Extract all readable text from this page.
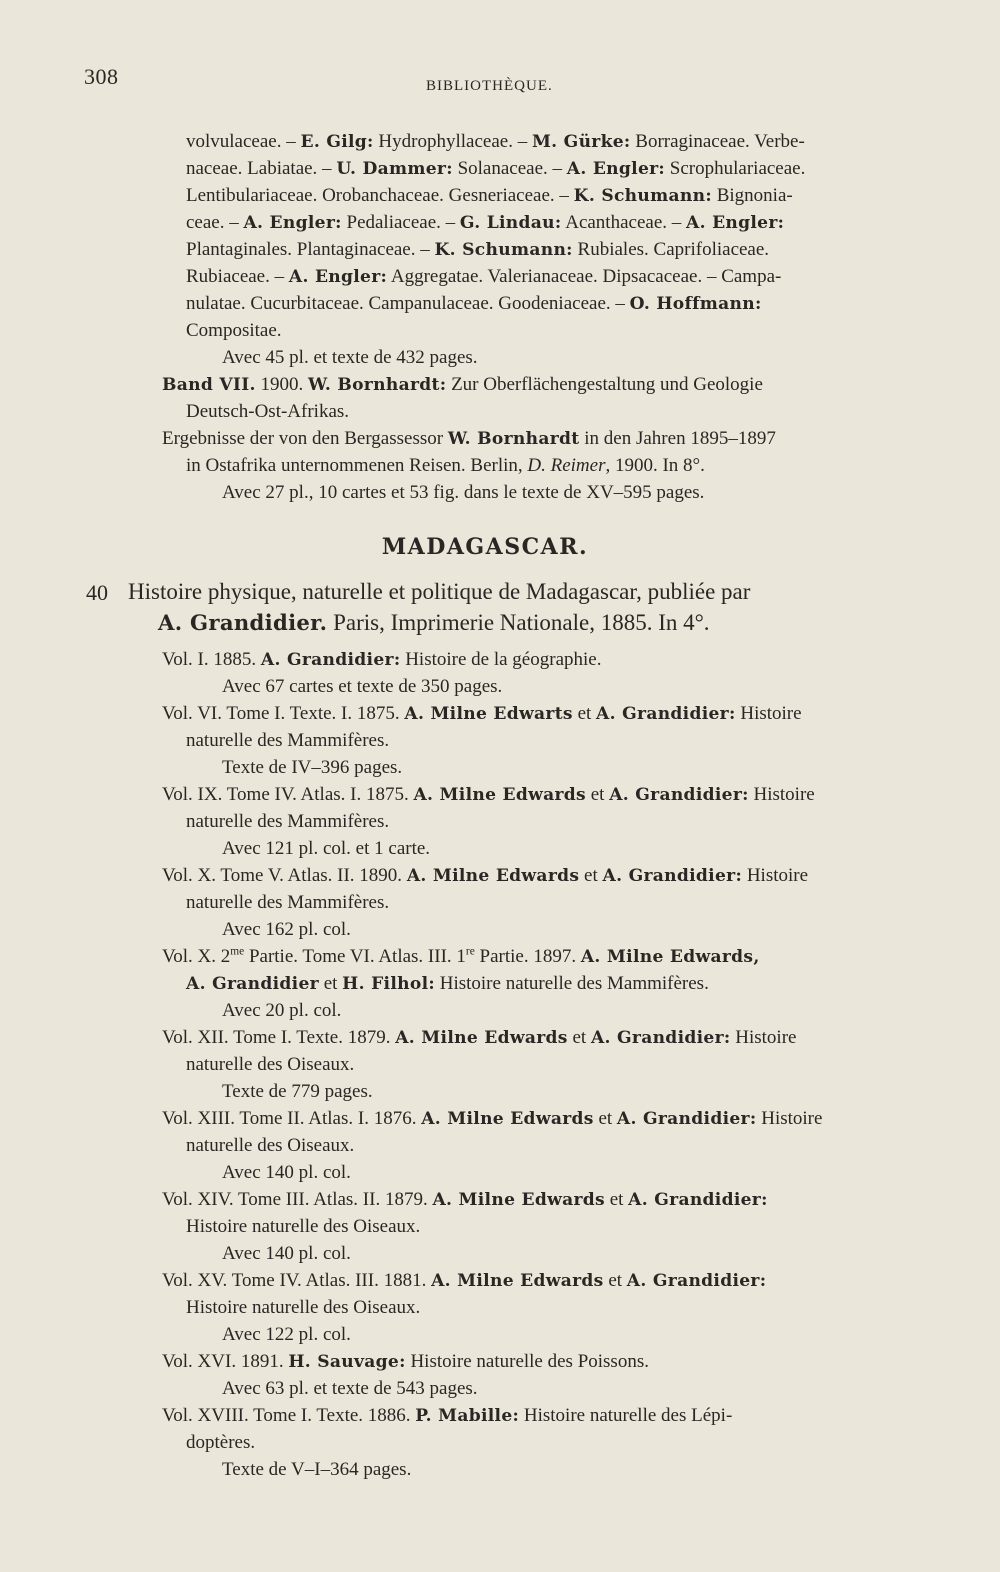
308	BIBLIOTHÈQUE.
volvulaceae. – E. Gilg: Hydrophyllaceae. – M. Gürke: Borraginaceae. Verbe-
naceae. Labiatae. – U. Dammer: Solanaceae. – A. Engler: Scrophulariaceae.
Lentibulariaceae. Orobanchaceae. Gesneriaceae. – K. Schumann: Bignonia-
ceae. – A. Engler: Pedaliaceae. – G. Lindau: Acanthaceae. – A. Engler:
Plantaginales. Plantaginaceae. – K. Schumann: Rubiales. Caprifoliaceae.
Rubiaceae. – A. Engler: Aggregatae. Valerianaceae. Dipsacaceae. – Campa-
nulatae. Cucurbitaceae. Campanulaceae. Goodeniaceae. – O. Hoffmann:
Compositae.
Avec 45 pl. et texte de 432 pages.
Band VII. 1900. W. Bornhardt: Zur Oberflächengestaltung und Geologie
Deutsch-Ost-Afrikas.
Ergebnisse der von den Bergassessor W. Bornhardt in den Jahren 1895–1897
in Ostafrika unternommenen Reisen. Berlin, D. Reimer, 1900. In 8°.
Avec 27 pl., 10 cartes et 53 fig. dans le texte de XV–595 pages.
MADAGASCAR.
40 Histoire physique, naturelle et politique de Madagascar, publiée par
A. Grandidier. Paris, Imprimerie Nationale, 1885. In 4°.
Vol. I. 1885. A. Grandidier: Histoire de la géographie.
Avec 67 cartes et texte de 350 pages.
Vol. VI. Tome I. Texte. I. 1875. A. Milne Edwarts et A. Grandidier: Histoire
naturelle des Mammifères.
Texte de IV–396 pages.
Vol. IX. Tome IV. Atlas. I. 1875. A. Milne Edwards et A. Grandidier: Histoire
naturelle des Mammifères.
Avec 121 pl. col. et 1 carte.
Vol. X. Tome V. Atlas. II. 1890. A. Milne Edwards et A. Grandidier: Histoire
naturelle des Mammifères.
Avec 162 pl. col.
Vol. X. $2^{me}$ Partie. Tome VI. Atlas. III. 1re Partie. 1897. A. Milne Edwards,
A. Grandidier et H. Filhol: Histoire naturelle des Mammifères.
Avec 20 pl. col.
Vol. XII. Tome I. Texte. 1879. A. Milne Edwards et A. Grandidier: Histoire
naturelle des Oiseaux.
Texte de 779 pages.
Vol. XIII. Tome II. Atlas. I. 1876. A. Milne Edwards et A. Grandidier: Histoire
naturelle des Oiseaux.
Avec 140 pl. col.
Vol. XIV. Tome III. Atlas. II. 1879. A. Milne Edwards et A. Grandidier:
Histoire naturelle des Oiseaux.
Avec 140 pl. col.
Vol. XV. Tome IV. Atlas. III. 1881. A. Milne Edwards et A. Grandidier:
Histoire naturelle des Oiseaux.
Avec 122 pl. col.
Vol. XVI. 1891. H. Sauvage: Histoire naturelle des Poissons.
Avec 63 pl. et texte de 543 pages.
Vol. XVIII. Tome I. Texte. 1886. P. Mabille: Histoire naturelle des Lépi-
doptères.
Texte de V–I–364 pages.
